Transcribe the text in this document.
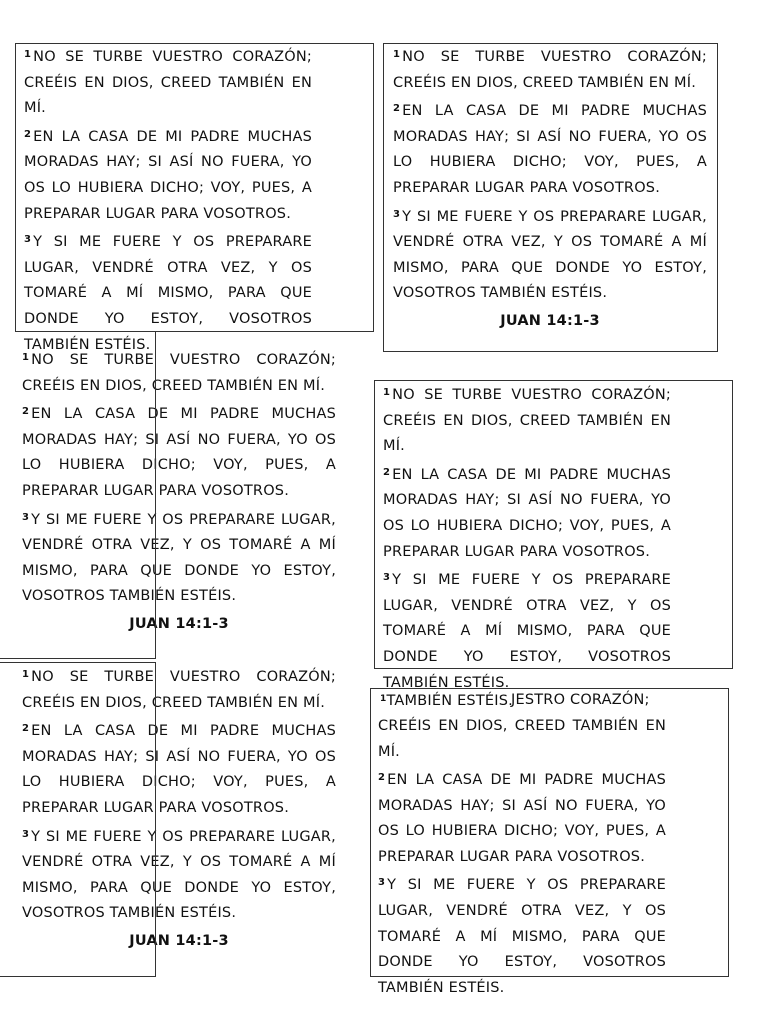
$^1$ NO SE TURBE VUESTRO CORAZÓN; CREÉIS EN DIOS, CREED TAMBIÉN EN MÍ.

$^2$ EN LA CASA DE MI PADRE MUCHAS MORADAS HAY; SI ASÍ NO FUERA, YO OS LO HUBIERA DICHO; VOY, PUES, A PREPARAR LUGAR PARA VOSOTROS.

$^3$ Y SI ME FUERE Y OS PREPARARE LUGAR, VENDRÉ OTRA VEZ, Y OS TOMARÉ A MÍ MISMO, PARA QUE DONDE YO ESTOY, VOSOTROS TAMBIÉN ESTÉIS.

$^1$ NO SE TURBE VUESTRO CORAZÓN; CREÉIS EN DIOS, CREED TAMBIÉN EN MÍ.

$^2$ EN LA CASA DE MI PADRE MUCHAS MORADAS HAY; SI ASÍ NO FUERA, YO OS LO HUBIERA DICHO; VOY, PUES, A PREPARAR LUGAR PARA VOSOTROS.

$^3$ Y SI ME FUERE Y OS PREPARARE LUGAR, VENDRÉ OTRA VEZ, Y OS TOMARÉ A MÍ MISMO, PARA QUE DONDE YO ESTOY, VOSOTROS TAMBIÉN ESTÉIS.

JUAN 14:1-3

$^1$ NO SE TURBE VUESTRO CORAZÓN; CREÉIS EN DIOS, CREED TAMBIÉN EN MÍ.

$^2$ EN LA CASA DE MI PADRE MUCHAS MORADAS HAY; SI ASÍ NO FUERA, YO OS LO HUBIERA DICHO; VOY, PUES, A PREPARAR LUGAR PARA VOSOTROS.

$^3$ Y SI ME FUERE Y OS PREPARARE LUGAR, VENDRÉ OTRA VEZ, Y OS TOMARÉ A MÍ MISMO, PARA QUE DONDE YO ESTOY, VOSOTROS TAMBIÉN ESTÉIS.

JUAN 14:1-3

$^1$ NO SE TURBE VUESTRO CORAZÓN; CREÉIS EN DIOS, CREED TAMBIÉN EN MÍ.

$^2$ EN LA CASA DE MI PADRE MUCHAS MORADAS HAY; SI ASÍ NO FUERA, YO OS LO HUBIERA DICHO; VOY, PUES, A PREPARAR LUGAR PARA VOSOTROS.

$^3$ Y SI ME FUERE Y OS PREPARARE LUGAR, VENDRÉ OTRA VEZ, Y OS TOMARÉ A MÍ MISMO, PARA QUE DONDE YO ESTOY, VOSOTROS TAMBIÉN ESTÉIS.

JUAN 14:1-3

$^1$ NO SE TURBE VUESTRO CORAZÓN; CREÉIS EN DIOS, CREED TAMBIÉN EN MÍ.

$^2$ EN LA CASA DE MI PADRE MUCHAS MORADAS HAY; SI ASÍ NO FUERA, YO OS LO HUBIERA DICHO; VOY, PUES, A PREPARAR LUGAR PARA VOSOTROS.

$^3$ Y SI ME FUERE Y OS PREPARARE LUGAR, VENDRÉ OTRA VEZ, Y OS TOMARÉ A MÍ MISMO, PARA QUE DONDE YO ESTOY, VOSOTROS TAMBIÉN ESTÉIS.

$^1$TAMBIÉN ESTÉIS.
JESTRO CORAZÓN;

$^2$ EN LA CASA DE MI PADRE MUCHAS MORADAS HAY; SI ASÍ NO FUERA, YO OS LO HUBIERA DICHO; VOY, PUES, A PREPARAR LUGAR PARA VOSOTROS.

$^3$ Y SI ME FUERE Y OS PREPARARE LUGAR, VENDRÉ OTRA VEZ, Y OS TOMARÉ A MÍ MISMO, PARA QUE DONDE YO ESTOY, VOSOTROS TAMBIÉN ESTÉIS.

CREÉIS EN DIOS, CREED TAMBIÉN EN MÍ.
